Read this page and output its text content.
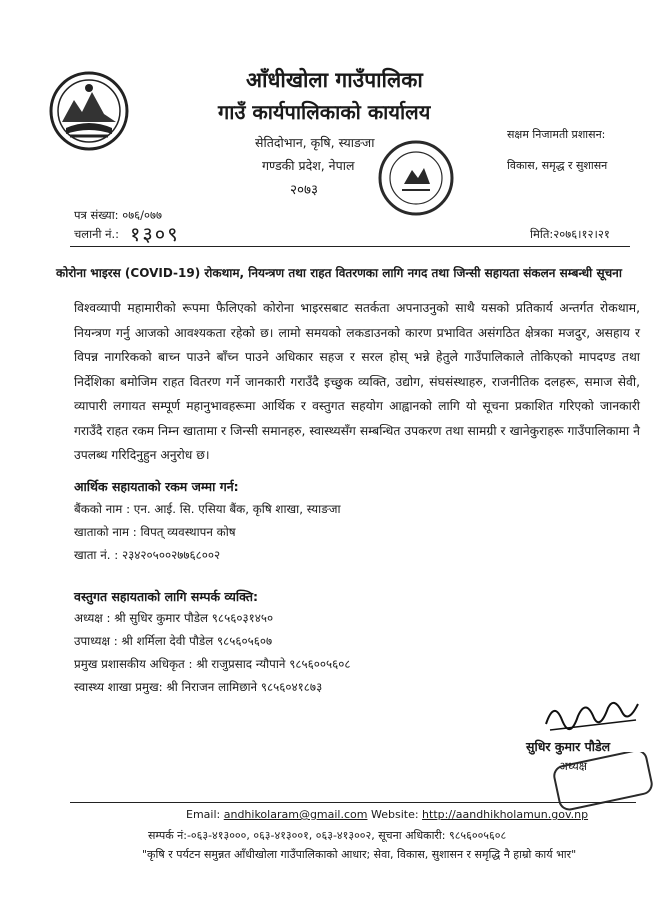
आँधीखोला गाउँपालिका
गाउँ कार्यपालिकाको कार्यालय
सेतिदोभान, कृषि, स्याङजा
गण्डकी प्रदेश, नेपाल
२०७३
सक्षम निजामती प्रशासन:
विकास, समृद्ध र सुशासन
पत्र संख्या: ०७६/०७७
चलानी नं.: १३०९	मिति:२०७६।१२।२१
कोरोना भाइरस (COVID-19) रोकथाम, नियन्त्रण तथा राहत वितरणका लागि नगद तथा जिन्सी सहायता संकलन सम्बन्धी सूचना
विश्वव्यापी महामारीको रूपमा फैलिएको कोरोना भाइरसबाट सतर्कता अपनाउनुको साथै यसको प्रतिकार्य अन्तर्गत रोकथाम, नियन्त्रण गर्नु आजको आवश्यकता रहेको छ। लामो समयको लकडाउनको कारण प्रभावित असंगठित क्षेत्रका मजदुर, असहाय र विपन्न नागरिकको बाच्न पाउने बाँच्न पाउने अधिकार सहज र सरल होस् भन्ने हेतुले गाउँपालिकाले तोकिएको मापदण्ड तथा निर्देशिका बमोजिम राहत वितरण गर्ने जानकारी गराउँदै इच्छुक व्यक्ति, उद्योग, संघसंस्थाहरु, राजनीतिक दलहरू, समाज सेवी, व्यापारी लगायत सम्पूर्ण महानुभावहरूमा आर्थिक र वस्तुगत सहयोग आह्वानको लागि यो सूचना प्रकाशित गरिएको जानकारी गराउँदै राहत रकम निम्न खातामा र जिन्सी समानहरु, स्वास्थ्यसँग सम्बन्धित उपकरण तथा सामग्री र खानेकुराहरू गाउँपालिकामा नै उपलब्ध गरिदिनुहुन अनुरोध छ।
आर्थिक सहायताको रकम जम्मा गर्न:
बैंकको नाम : एन. आई. सि. एसिया बैंक, कृषि शाखा, स्याङजा
खाताको नाम : विपत् व्यवस्थापन कोष
खाता नं. : २३४२०५००२७७६८००२
वस्तुगत सहायताको लागि सम्पर्क व्यक्ति:
अध्यक्ष : श्री सुधिर कुमार पौडेल ९८५६०३१४५०
उपाध्यक्ष : श्री शर्मिला देवी पौडेल ९८५६०५६०७
प्रमुख प्रशासकीय अधिकृत : श्री राजुप्रसाद न्यौपाने ९८५६००५६०८
स्वास्थ्य शाखा प्रमुख: श्री निराजन लामिछाने ९८५६०४१८७३
सुधिर कुमार पौडेल
अध्यक्ष
Email: andhikolaram@gmail.com Website: http://aandhikholamun.gov.np
सम्पर्क नं:-०६३-४१३०००, ०६३-४१३००१, ०६३-४१३००२, सूचना अधिकारी: ९८५६००५६०८
"कृषि र पर्यटन समुन्नत आँधीखोला गाउँपालिकाको आधार; सेवा, विकास, सुशासन र समृद्धि नै हाम्रो कार्य भार"
